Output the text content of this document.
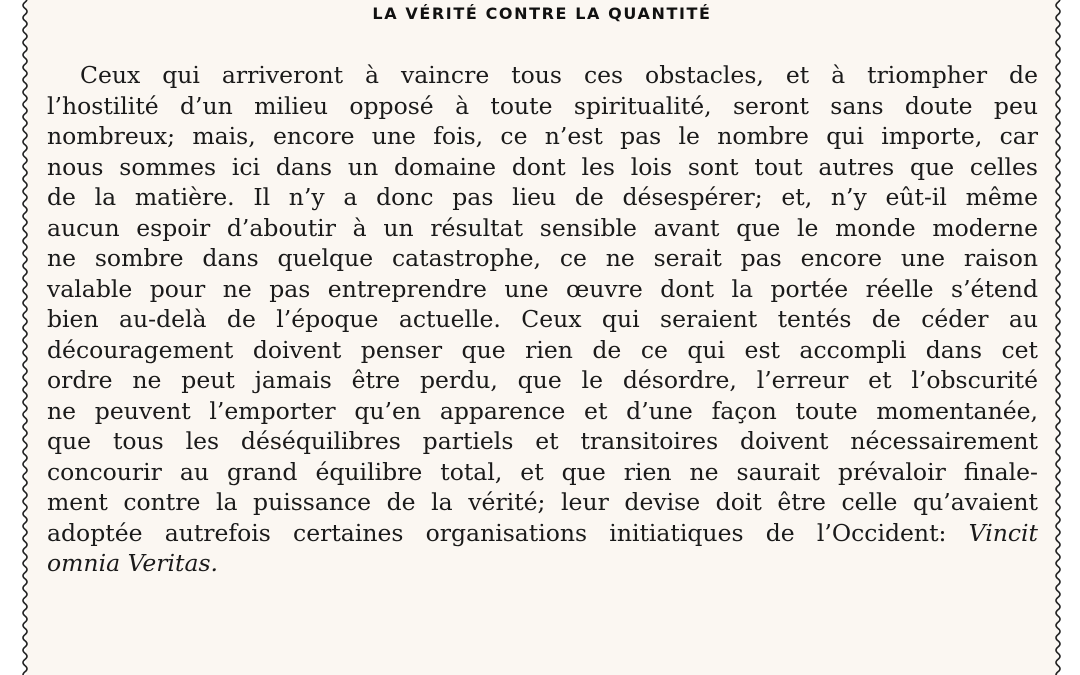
LA VÉRITÉ CONTRE LA QUANTITÉ
Ceux qui arriveront à vaincre tous ces obstacles, et à triompher de
l’hostilité d’un milieu opposé à toute spiritualité, seront sans doute peu
nombreux; mais, encore une fois, ce n’est pas le nombre qui importe, car
nous sommes ici dans un domaine dont les lois sont tout autres que celles
de la matière. Il n’y a donc pas lieu de désespérer; et, n’y eût-il même
aucun espoir d’aboutir à un résultat sensible avant que le monde moderne
ne sombre dans quelque catastrophe, ce ne serait pas encore une raison
valable pour ne pas entreprendre une œuvre dont la portée réelle s’étend
bien au-delà de l’époque actuelle. Ceux qui seraient tentés de céder au
découragement doivent penser que rien de ce qui est accompli dans cet
ordre ne peut jamais être perdu, que le désordre, l’erreur et l’obscurité
ne peuvent l’emporter qu’en apparence et d’une façon toute momentanée,
que tous les déséquilibres partiels et transitoires doivent nécessairement
concourir au grand équilibre total, et que rien ne saurait prévaloir finale-
ment contre la puissance de la vérité; leur devise doit être celle qu’avaient
adoptée autrefois certaines organisations initiatiques de l’Occident: Vincit
omnia Veritas.
